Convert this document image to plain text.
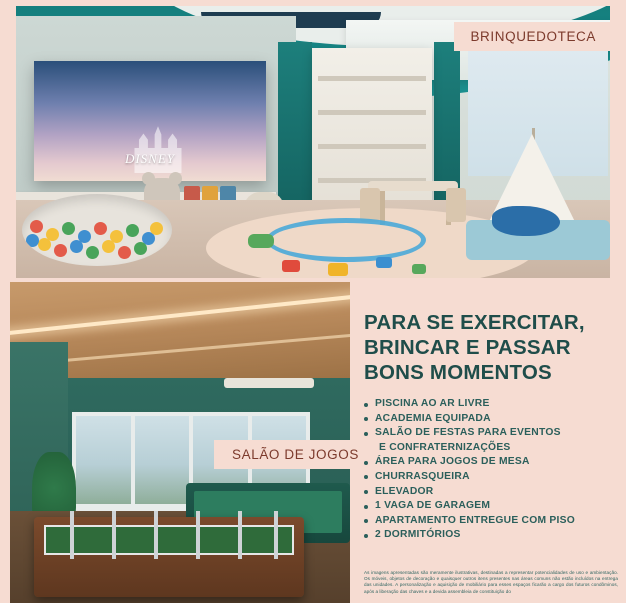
DISNEY
BRINQUEDOTECA
SALÃO DE JOGOS
PARA SE EXERCITAR,
BRINCAR E PASSAR
BONS MOMENTOS
PISCINA AO AR LIVRE
ACADEMIA EQUIPADA
SALÃO DE FESTAS PARA EVENTOS
E CONFRATERNIZAÇÕES
ÁREA PARA JOGOS DE MESA
CHURRASQUEIRA
ELEVADOR
1 VAGA DE GARAGEM
APARTAMENTO ENTREGUE COM PISO
2 DORMITÓRIOS
As imagens apresentadas são meramente ilustrativas, destinadas a representar potencialidades de uso e ambientação. Os móveis, objetos de decoração e quaisquer outros itens presentes nas áreas comuns não estão incluídos na entrega das unidades. A personalização e aquisição de mobiliário para esses espaços ficarão a cargo dos futuros condôminos, após a liberação das chaves e a devida assembleia de constituição do
